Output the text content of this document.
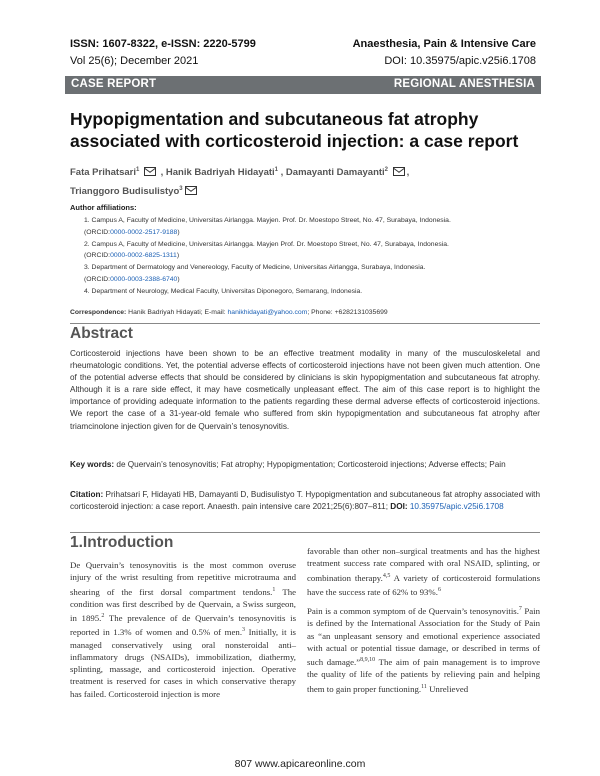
ISSN: 1607-8322, e-ISSN: 2220-5799	Anaesthesia, Pain & Intensive Care
Vol 25(6); December 2021	DOI: 10.35975/apic.v25i6.1708
CASE REPORT	REGIONAL ANESTHESIA
Hypopigmentation and subcutaneous fat atrophy associated with corticosteroid injection: a case report
Fata Prihatsari$^1$ , Hanik Badriyah Hidayati$^1$ , Damayanti Damayanti$^2$ ,
Trianggoro Budisulistyo$^3$
Author affiliations:
1. Campus A, Faculty of Medicine, Universitas Airlangga. Mayjen. Prof. Dr. Moestopo Street, No. 47, Surabaya, Indonesia.
(ORCID:0000-0002-2517-9188)
2. Campus A, Faculty of Medicine, Universitas Airlangga. Mayjen Prof. Dr. Moestopo Street, No. 47, Surabaya, Indonesia.
(ORCID:0000-0002-6825-1311)
3. Department of Dermatology and Venereology, Faculty of Medicine, Universitas Airlangga, Surabaya, Indonesia.
(ORCID:0000-0003-2388-6740)
4. Department of Neurology, Medical Faculty, Universitas Diponegoro, Semarang, Indonesia.
Correspondence: Hanik Badriyah Hidayati; E-mail: hanikhidayati@yahoo.com; Phone: +6282131035699
Abstract
Corticosteroid injections have been shown to be an effective treatment modality in many of the musculoskeletal and rheumatologic conditions. Yet, the potential adverse effects of corticosteroid injections have not been given much attention. One of the potential adverse effects that should be considered by clinicians is skin hypopigmentation and subcutaneous fat atrophy. Although it is a rare side effect, it may have cosmetically unpleasant effect. The aim of this case report is to highlight the importance of providing adequate information to the patients regarding these dermal adverse effects of corticosteroid injections. We report the case of a 31-year-old female who suffered from skin hypopigmentation and subcutaneous fat atrophy after triamcinolone injection given for de Quervain’s tenosynovitis.
Key words: de Quervain’s tenosynovitis; Fat atrophy; Hypopigmentation; Corticosteroid injections; Adverse effects; Pain
Citation: Prihatsari F, Hidayati HB, Damayanti D, Budisulistyo T. Hypopigmentation and subcutaneous fat atrophy associated with corticosteroid injection: a case report. Anaesth. pain intensive care 2021;25(6):807–811; DOI: 10.35975/apic.v25i6.1708
1.Introduction
De Quervain’s tenosynovitis is the most common overuse injury of the wrist resulting from repetitive microtrauma and shearing of the first dorsal compartment tendons.$^1$ The condition was first described by de Quervain, a Swiss surgeon, in 1895.$^2$ The prevalence of de Quervain’s tenosynovitis is reported in 1.3% of women and 0.5% of men.$^3$ Initially, it is managed conservatively using oral nonsteroidal anti–inflammatory drugs (NSAIDs), immobilization, diathermy, splinting, massage, and corticosteroid injection. Operative treatment is reserved for cases in which conservative therapy has failed. Corticosteroid injection is more
favorable than other non–surgical treatments and has the highest treatment success rate compared with oral NSAID, splinting, or combination therapy.$^{4,5}$ A variety of corticosteroid formulations have the success rate of 62% to 93%.$^6$
Pain is a common symptom of de Quervain’s tenosynovitis.$^7$ Pain is defined by the International Association for the Study of Pain as “an unpleasant sensory and emotional experience associated with actual or potential tissue damage, or described in terms of such damage.”$^{8,9,10}$ The aim of pain management is to improve the quality of life of the patients by relieving pain and helping them to gain proper functioning.$^{11}$ Unrelieved
807 www.apicareonline.com
